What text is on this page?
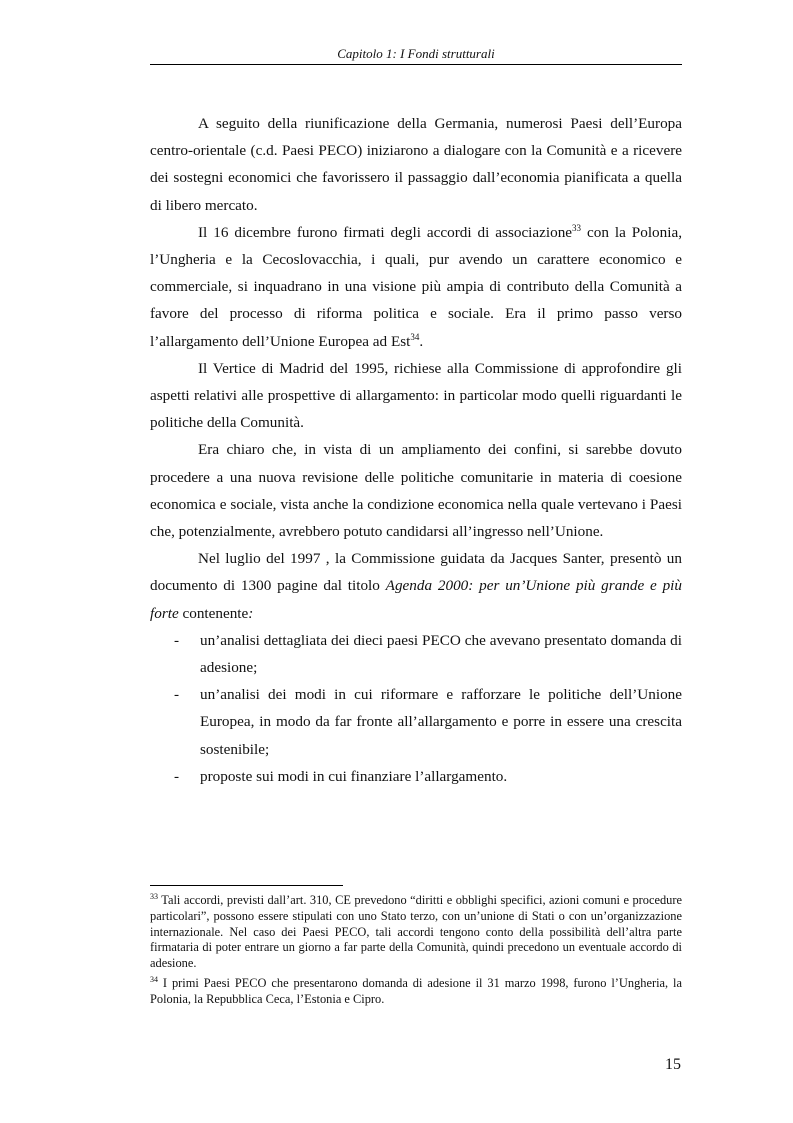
Capitolo 1: I Fondi strutturali

A seguito della riunificazione della Germania, numerosi Paesi dell’Europa centro-orientale (c.d. Paesi PECO) iniziarono a dialogare con la Comunità e a ricevere dei sostegni economici che favorissero il passaggio dall’economia pianificata a quella di libero mercato.

Il 16 dicembre furono firmati degli accordi di associazione$^{33}$ con la Polonia, l’Ungheria e la Cecoslovacchia, i quali, pur avendo un carattere economico e commerciale, si inquadrano in una visione più ampia di contributo della Comunità a favore del processo di riforma politica e sociale. Era il primo passo verso l’allargamento dell’Unione Europea ad Est$^{34}$.

Il Vertice di Madrid del 1995, richiese alla Commissione di approfondire gli aspetti relativi alle prospettive di allargamento: in particolar modo quelli riguardanti le politiche della Comunità.

Era chiaro che, in vista di un ampliamento dei confini, si sarebbe dovuto procedere a una nuova revisione delle politiche comunitarie in materia di coesione economica e sociale, vista anche la condizione economica nella quale vertevano i Paesi che, potenzialmente, avrebbero potuto candidarsi all’ingresso nell’Unione.

Nel luglio del 1997 , la Commissione guidata da Jacques Santer, presentò un documento di 1300 pagine dal titolo Agenda 2000: per un’Unione più grande e più forte contenente:

- un’analisi dettagliata dei dieci paesi PECO che avevano presentato domanda di adesione;
- un’analisi dei modi in cui riformare e rafforzare le politiche dell’Unione Europea, in modo da far fronte all’allargamento e porre in essere una crescita sostenibile;
- proposte sui modi in cui finanziare l’allargamento.

$^{33}$ Tali accordi, previsti dall’art. 310, CE prevedono “diritti e obblighi specifici, azioni comuni e procedure particolari”, possono essere stipulati con uno Stato terzo, con un’unione di Stati o con un’organizzazione internazionale. Nel caso dei Paesi PECO, tali accordi tengono conto della possibilità dell’altra parte firmataria di poter entrare un giorno a far parte della Comunità, quindi precedono un eventuale accordo di adesione.

$^{34}$ I primi Paesi PECO che presentarono domanda di adesione il 31 marzo 1998, furono l’Ungheria, la Polonia, la Repubblica Ceca, l’Estonia e Cipro.

15
